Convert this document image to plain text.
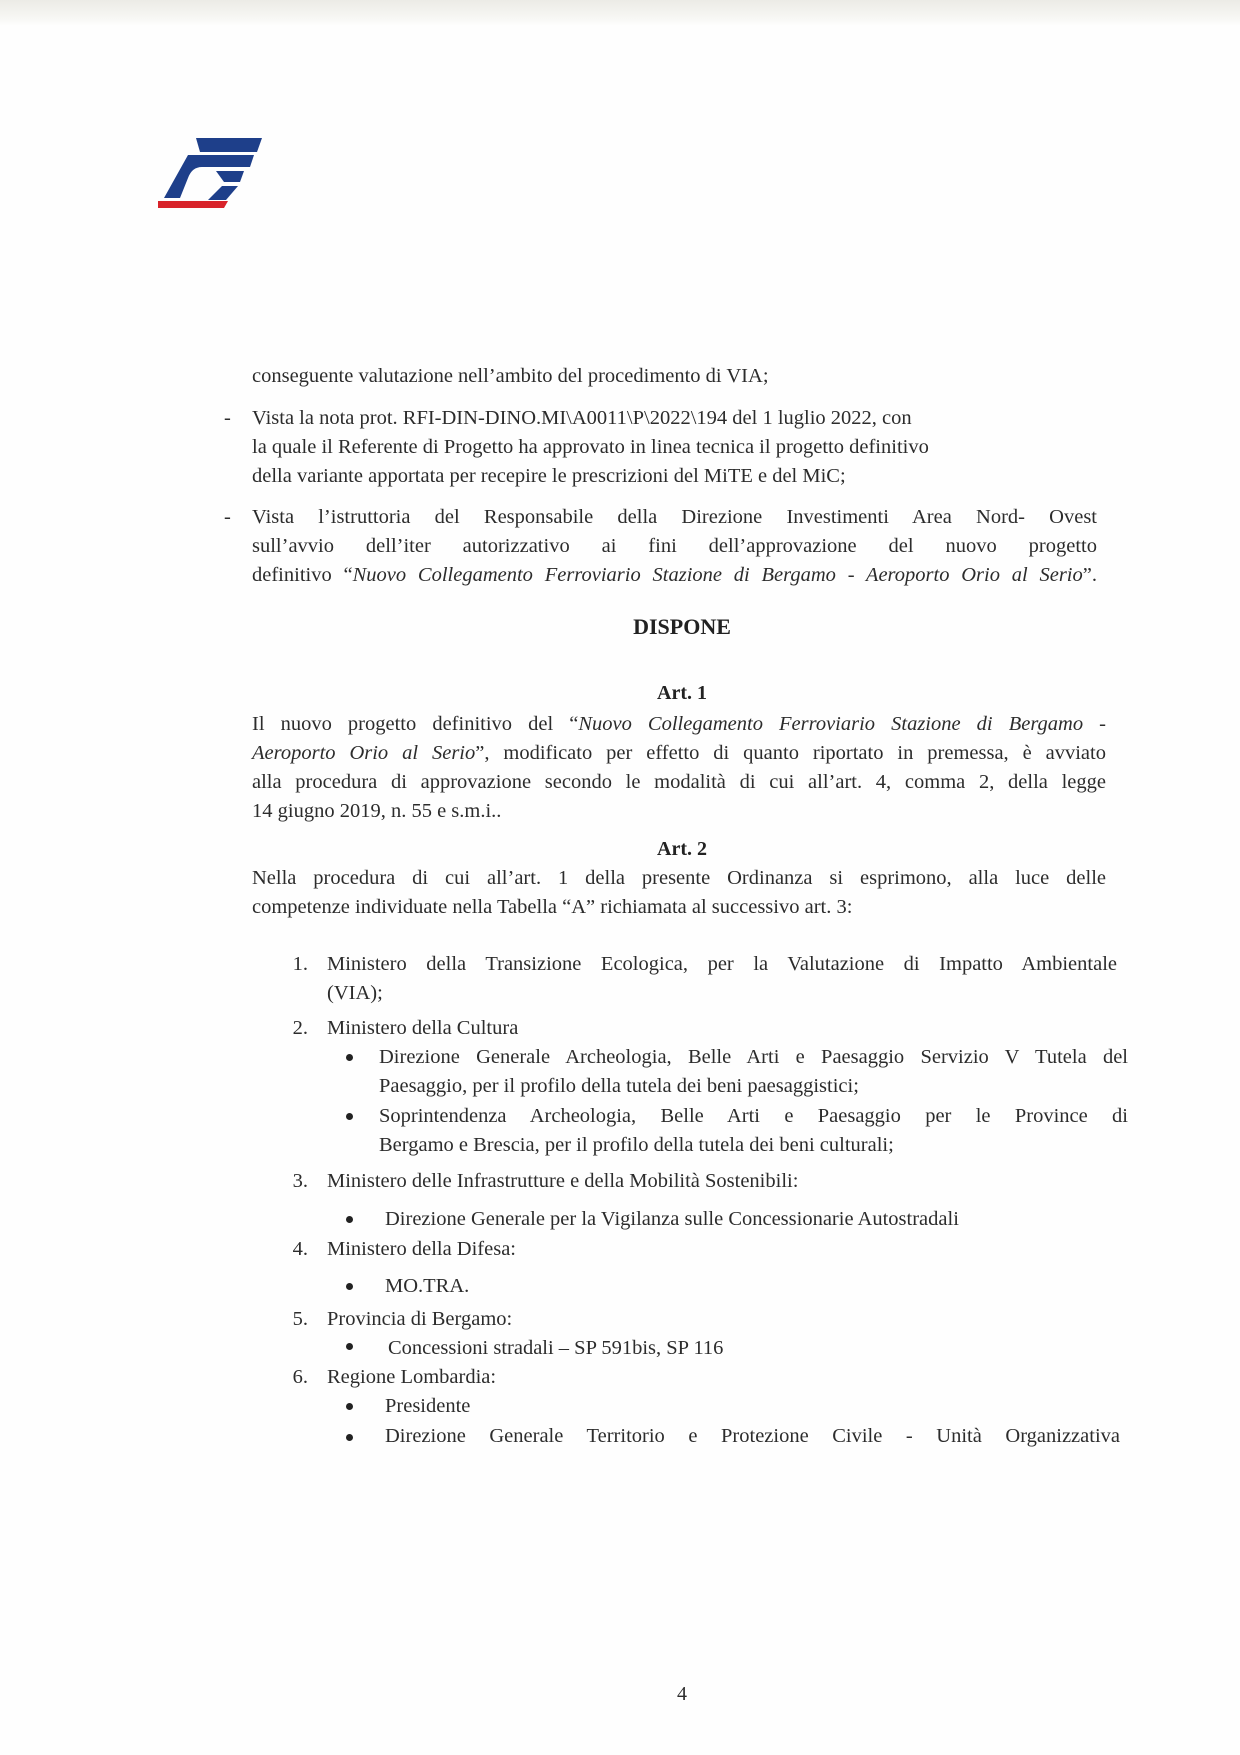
conseguente valutazione nell’ambito del procedimento di VIA;
- Vista la nota prot. RFI-DIN-DINO.MI\A0011\P\2022\194 del 1 luglio 2022, con
la quale il Referente di Progetto ha approvato in linea tecnica il progetto definitivo
della variante apportata per recepire le prescrizioni del MiTE e del MiC;
- Vista l’istruttoria del Responsabile della Direzione Investimenti Area Nord- Ovest
sull’avvio dell’iter autorizzativo ai fini dell’approvazione del nuovo progetto
definitivo “Nuovo Collegamento Ferroviario Stazione di Bergamo - Aeroporto Orio al Serio”.
DISPONE
Art. 1
Il nuovo progetto definitivo del “Nuovo Collegamento Ferroviario Stazione di Bergamo -
Aeroporto Orio al Serio”, modificato per effetto di quanto riportato in premessa, è avviato
alla procedura di approvazione secondo le modalità di cui all’art. 4, comma 2, della legge
14 giugno 2019, n. 55 e s.m.i..
Art. 2
Nella procedura di cui all’art. 1 della presente Ordinanza si esprimono, alla luce delle
competenze individuate nella Tabella “A” richiamata al successivo art. 3:
1. Ministero della Transizione Ecologica, per la Valutazione di Impatto Ambientale
(VIA);
2. Ministero della Cultura
Direzione Generale Archeologia, Belle Arti e Paesaggio Servizio V Tutela del
Paesaggio, per il profilo della tutela dei beni paesaggistici;
Soprintendenza Archeologia, Belle Arti e Paesaggio per le Province di
Bergamo e Brescia, per il profilo della tutela dei beni culturali;
3. Ministero delle Infrastrutture e della Mobilità Sostenibili:
Direzione Generale per la Vigilanza sulle Concessionarie Autostradali
4. Ministero della Difesa:
MO.TRA.
5. Provincia di Bergamo:
Concessioni stradali – SP 591bis, SP 116
6. Regione Lombardia:
Presidente
Direzione Generale Territorio e Protezione Civile - Unità Organizzativa
4
